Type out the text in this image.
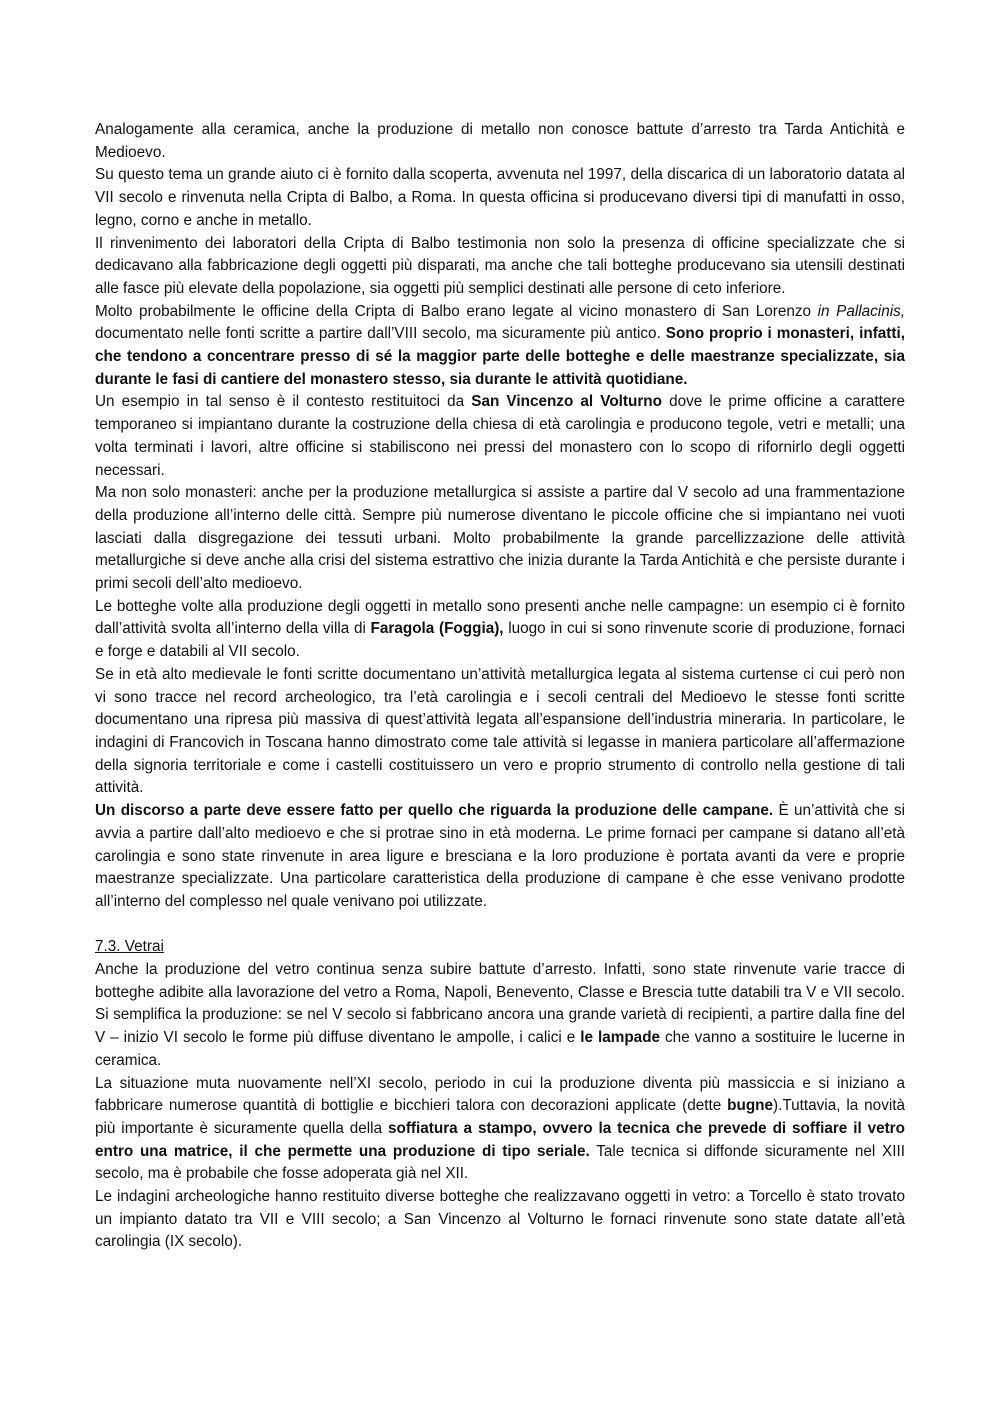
Analogamente alla ceramica, anche la produzione di metallo non conosce battute d’arresto tra Tarda Antichità e Medioevo.

Su questo tema un grande aiuto ci è fornito dalla scoperta, avvenuta nel 1997, della discarica di un laboratorio datata al VII secolo e rinvenuta nella Cripta di Balbo, a Roma. In questa officina si producevano diversi tipi di manufatti in osso, legno, corno e anche in metallo.

Il rinvenimento dei laboratori della Cripta di Balbo testimonia non solo la presenza di officine specializzate che si dedicavano alla fabbricazione degli oggetti più disparati, ma anche che tali botteghe producevano sia utensili destinati alle fasce più elevate della popolazione, sia oggetti più semplici destinati alle persone di ceto inferiore.

Molto probabilmente le officine della Cripta di Balbo erano legate al vicino monastero di San Lorenzo in Pallacinis, documentato nelle fonti scritte a partire dall’VIII secolo, ma sicuramente più antico. Sono proprio i monasteri, infatti, che tendono a concentrare presso di sé la maggior parte delle botteghe e delle maestranze specializzate, sia durante le fasi di cantiere del monastero stesso, sia durante le attività quotidiane.

Un esempio in tal senso è il contesto restituitoci da San Vincenzo al Volturno dove le prime officine a carattere temporaneo si impiantano durante la costruzione della chiesa di età carolingia e producono tegole, vetri e metalli; una volta terminati i lavori, altre officine si stabiliscono nei pressi del monastero con lo scopo di rifornirlo degli oggetti necessari.

Ma non solo monasteri: anche per la produzione metallurgica si assiste a partire dal V secolo ad una frammentazione della produzione all’interno delle città. Sempre più numerose diventano le piccole officine che si impiantano nei vuoti lasciati dalla disgregazione dei tessuti urbani. Molto probabilmente la grande parcellizzazione delle attività metallurgiche si deve anche alla crisi del sistema estrattivo che inizia durante la Tarda Antichità e che persiste durante i primi secoli dell’alto medioevo.

Le botteghe volte alla produzione degli oggetti in metallo sono presenti anche nelle campagne: un esempio ci è fornito dall’attività svolta all’interno della villa di Faragola (Foggia), luogo in cui si sono rinvenute scorie di produzione, fornaci e forge e databili al VII secolo.

Se in età alto medievale le fonti scritte documentano un’attività metallurgica legata al sistema curtense ci cui però non vi sono tracce nel record archeologico, tra l’età carolingia e i secoli centrali del Medioevo le stesse fonti scritte documentano una ripresa più massiva di quest’attività legata all’espansione dell’industria mineraria. In particolare, le indagini di Francovich in Toscana hanno dimostrato come tale attività si legasse in maniera particolare all’affermazione della signoria territoriale e come i castelli costituissero un vero e proprio strumento di controllo nella gestione di tali attività.

Un discorso a parte deve essere fatto per quello che riguarda la produzione delle campane. È un’attività che si avvia a partire dall’alto medioevo e che si protrae sino in età moderna. Le prime fornaci per campane si datano all’età carolingia e sono state rinvenute in area ligure e bresciana e la loro produzione è portata avanti da vere e proprie maestranze specializzate. Una particolare caratteristica della produzione di campane è che esse venivano prodotte all’interno del complesso nel quale venivano poi utilizzate.

7.3. Vetrai

Anche la produzione del vetro continua senza subire battute d’arresto. Infatti, sono state rinvenute varie tracce di botteghe adibite alla lavorazione del vetro a Roma, Napoli, Benevento, Classe e Brescia tutte databili tra V e VII secolo. Si semplifica la produzione: se nel V secolo si fabbricano ancora una grande varietà di recipienti, a partire dalla fine del V – inizio VI secolo le forme più diffuse diventano le ampolle, i calici e le lampade che vanno a sostituire le lucerne in ceramica.

La situazione muta nuovamente nell’XI secolo, periodo in cui la produzione diventa più massiccia e si iniziano a fabbricare numerose quantità di bottiglie e bicchieri talora con decorazioni applicate (dette bugne).Tuttavia, la novità più importante è sicuramente quella della soffiatura a stampo, ovvero la tecnica che prevede di soffiare il vetro entro una matrice, il che permette una produzione di tipo seriale. Tale tecnica si diffonde sicuramente nel XIII secolo, ma è probabile che fosse adoperata già nel XII.

Le indagini archeologiche hanno restituito diverse botteghe che realizzavano oggetti in vetro: a Torcello è stato trovato un impianto datato tra VII e VIII secolo; a San Vincenzo al Volturno le fornaci rinvenute sono state datate all’età carolingia (IX secolo).
